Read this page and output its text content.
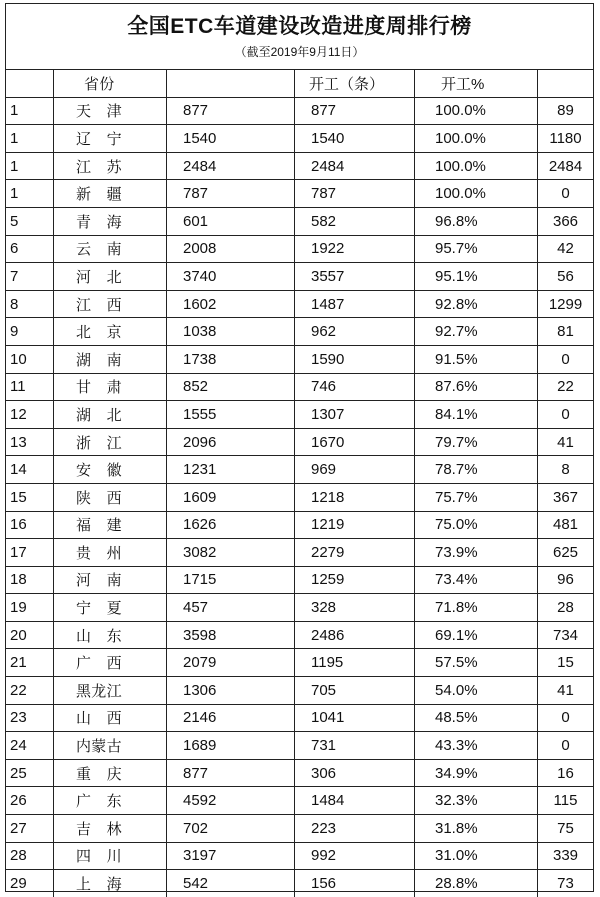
全国ETC车道建设改造进度周排行榜
（截至2019年9月11日）
	省份		开工（条）	开工%	
1	天　津	877	877	100.0%	89
1	辽　宁	1540	1540	100.0%	1180
1	江　苏	2484	2484	100.0%	2484
1	新　疆	787	787	100.0%	0
5	青　海	601	582	96.8%	366
6	云　南	2008	1922	95.7%	42
7	河　北	3740	3557	95.1%	56
8	江　西	1602	1487	92.8%	1299
9	北　京	1038	962	92.7%	81
10	湖　南	1738	1590	91.5%	0
11	甘　肃	852	746	87.6%	22
12	湖　北	1555	1307	84.1%	0
13	浙　江	2096	1670	79.7%	41
14	安　徽	1231	969	78.7%	8
15	陕　西	1609	1218	75.7%	367
16	福　建	1626	1219	75.0%	481
17	贵　州	3082	2279	73.9%	625
18	河　南	1715	1259	73.4%	96
19	宁　夏	457	328	71.8%	28
20	山　东	3598	2486	69.1%	734
21	广　西	2079	1195	57.5%	15
22	黑龙江	1306	705	54.0%	41
23	山　西	2146	1041	48.5%	0
24	内蒙古	1689	731	43.3%	0
25	重　庆	877	306	34.9%	16
26	广　东	4592	1484	32.3%	115
27	吉　林	702	223	31.8%	75
28	四　川	3197	992	31.0%	339
29	上　海	542	156	28.8%	73
